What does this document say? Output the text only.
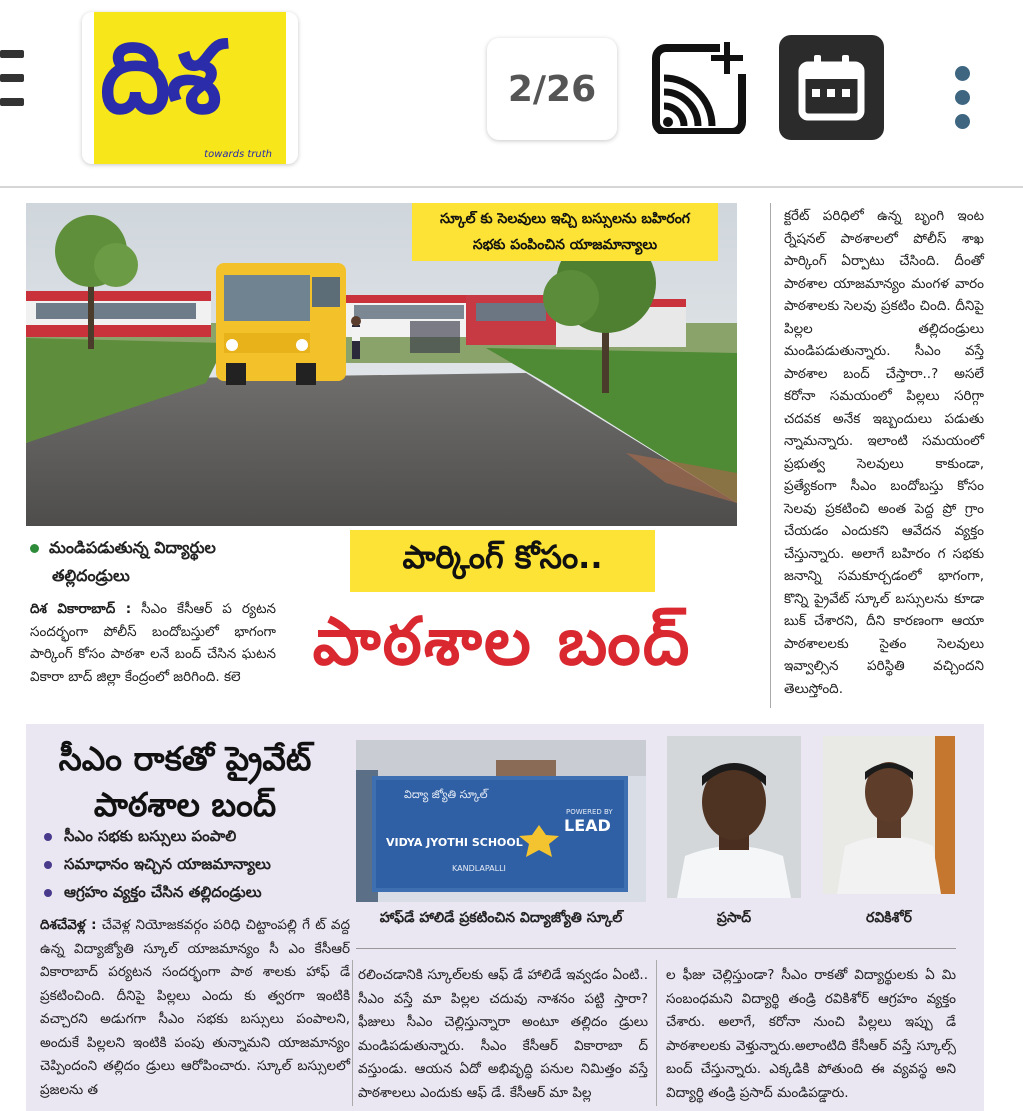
దిశ
towards truth
2/26
స్కూల్ కు సెలవులు ఇచ్చి బస్సులను బహిరంగ
సభకు పంపించిన యాజమాన్యాలు
మండిపడుతున్న విద్యార్థుల
తల్లిదండ్రులు	పార్కింగ్ కోసం..
పాఠశాల బంద్
దిశ వికారాబాద్ : సీఎం కేసీఆర్ ప ర్యటన సందర్భంగా పోలీస్ బందోబస్తులో భాగంగా పార్కింగ్ కోసం పాఠశా లనే బంద్ చేసిన ఘటన వికారా బాద్ జిల్లా కేంద్రంలో జరిగింది. కలె
క్టరేట్ పరిధిలో ఉన్న బృంగి ఇంట ర్నేషనల్ పాఠశాలలో పోలీస్ శాఖ పార్కింగ్ ఏర్పాటు చేసింది. దీంతో పాఠశాల యాజమాన్యం మంగళ వారం పాఠశాలకు సెలవు ప్రకటిం చింది. దీనిపై పిల్లల తల్లిదండ్రులు మండిపడుతున్నారు. సీఎం వస్తే పాఠశాల బంద్ చేస్తారా..? అసలే కరోనా సమయంలో పిల్లలు సరిగ్గా చదవక అనేక ఇబ్బందులు పడుతు న్నామన్నారు. ఇలాంటి సమయంలో ప్రభుత్వ సెలవులు కాకుండా, ప్రత్యేకంగా సీఎం బందోబస్తు కోసం సెలవు ప్రకటించి అంత పెద్ద ప్రో గ్రాం చేయడం ఎందుకని ఆవేదన వ్యక్తం చేస్తున్నారు. అలాగే బహిరం గ సభకు జనాన్ని సమకూర్చడంలో భాగంగా, కొన్ని ప్రైవేట్ స్కూల్ బస్సులను కూడా బుక్ చేశారని, దీని కారణంగా ఆయా పాఠశాలలకు సైతం సెలవులు ఇవ్వాల్సిన పరిస్థితి వచ్చిందని తెలుస్తోంది.
సీఎం రాకతో ప్రైవేట్
పాఠశాల బంద్
సీఎం సభకు బస్సులు పంపాలి
సమాధానం ఇచ్చిన యాజమాన్యాలు
ఆగ్రహం వ్యక్తం చేసిన తల్లిదండ్రులు
విద్యా జ్యోతి స్కూల్
POWERED BY
LEAD
VIDYA JYOTHI SCHOOL
KANDLAPALLI
హాఫ్‌డే హాలిడే ప్రకటించిన విద్యాజ్యోతి స్కూల్	ప్రసాద్	రవికిశోర్
దిశచేవెళ్ల : చేవెళ్ల నియోజకవర్గం పరిధి చిట్టాంపల్లి గే ట్ వద్ద ఉన్న విద్యాజ్యోతి స్కూల్ యాజమాన్యం సీ ఎం కేసీఆర్ వికారాబాద్ పర్యటన సందర్భంగా పాఠ శాలకు హాఫ్ డే ప్రకటించింది. దీనిపై పిల్లలు ఎందు కు త్వరగా ఇంటికి వచ్చారని అడుగగా సీఎం సభకు బస్సులు పంపాలని, అందుకే పిల్లలని ఇంటికి పంపు తున్నామని యాజమాన్యం చెప్పిందంని తల్లిదం డ్రులు ఆరోపించారు. స్కూల్ బస్సులలో ప్రజలను త
రలించడానికి స్కూల్‌లకు ఆఫ్ డే హాలిడే ఇవ్వడం ఏంటి.. సీఎం వస్తే మా పిల్లల చదువు నాశనం పట్టి స్తారా? ఫీజులు సీఎం చెల్లిస్తున్నారా అంటూ తల్లిదం డ్రులు మండిపడుతున్నారు. సీఎం కేసీఆర్ వికారాబా ద్ వస్తుండు. ఆయన ఏదో అభివృద్ధి పనుల నిమిత్తం వస్తే పాఠశాలలు ఎందుకు ఆఫ్ డే. కేసీఆర్ మా పిల్ల
ల ఫీజు చెల్లిస్తుండా? సీఎం రాకతో విద్యార్థులకు ఏ మి సంబంధమని విద్యార్థి తండ్రి రవికిశోర్ ఆగ్రహం వ్యక్తం చేశారు. అలాగే, కరోనా నుంచి పిల్లలు ఇప్పు డే పాఠశాలలకు వెళ్తున్నారు.అలాంటిది కేసీఆర్ వస్తే స్కూల్స్ బంద్ చేస్తున్నారు. ఎక్కడికి పోతుంది ఈ వ్యవస్థ అని విద్యార్థి తండ్రి ప్రసాద్ మండిపడ్డారు.
